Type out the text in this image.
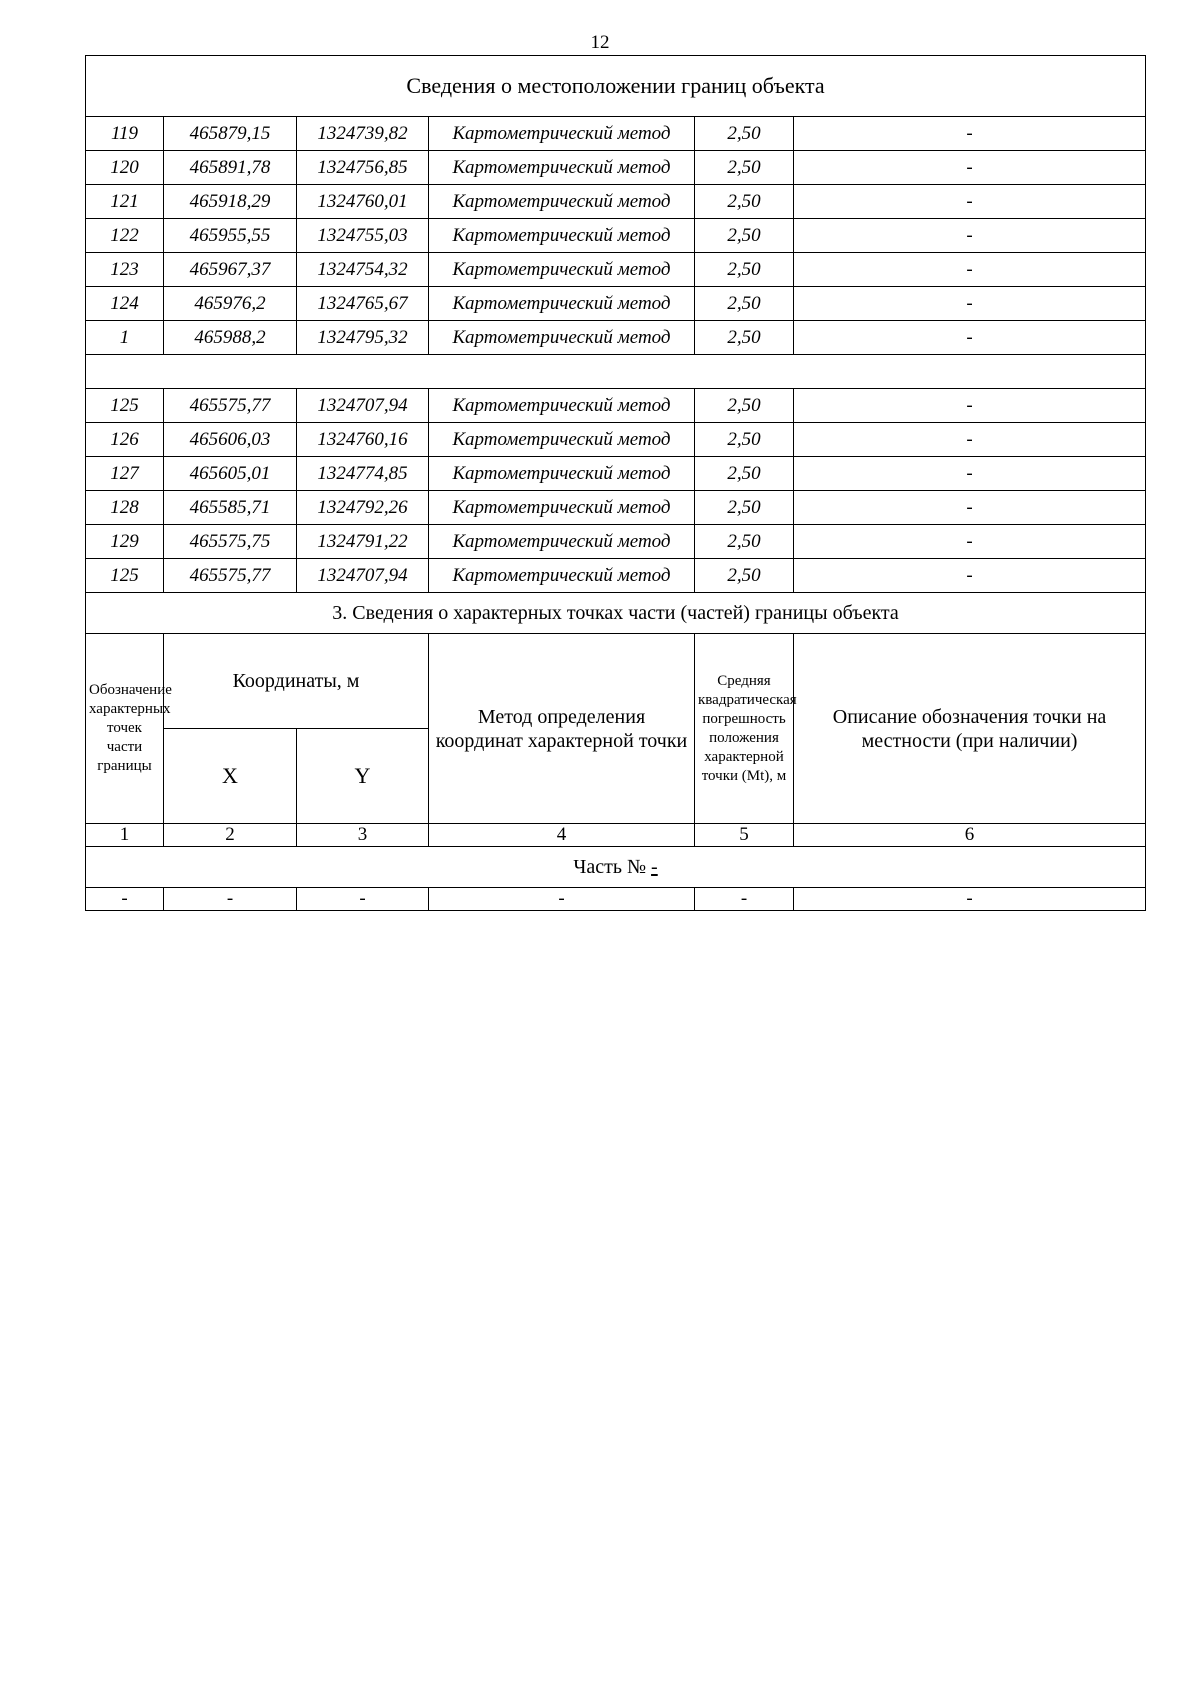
12
Сведения о местоположении границ объекта					
119	465879,15	1324739,82	Картометрический метод	2,50	-
120	465891,78	1324756,85	Картометрический метод	2,50	-
121	465918,29	1324760,01	Картометрический метод	2,50	-
122	465955,55	1324755,03	Картометрический метод	2,50	-
123	465967,37	1324754,32	Картометрический метод	2,50	-
124	465976,2	1324765,67	Картометрический метод	2,50	-
1	465988,2	1324795,32	Картометрический метод	2,50	-

125	465575,77	1324707,94	Картометрический метод	2,50	-
126	465606,03	1324760,16	Картометрический метод	2,50	-
127	465605,01	1324774,85	Картометрический метод	2,50	-
128	465585,71	1324792,26	Картометрический метод	2,50	-
129	465575,75	1324791,22	Картометрический метод	2,50	-
125	465575,77	1324707,94	Картометрический метод	2,50	-
3. Сведения о характерных точках части (частей) границы объекта					
Обозначение характерных точек части границы	Координаты, м		Метод определения координат характерной точки	Средняя квадратическая погрешность положения характерной точки (Mt), м	Описание обозначения точки на местности (при наличии)
	X	Y			
1	2	3	4	5	6
Часть № -					
-	-	-	-	-	-
